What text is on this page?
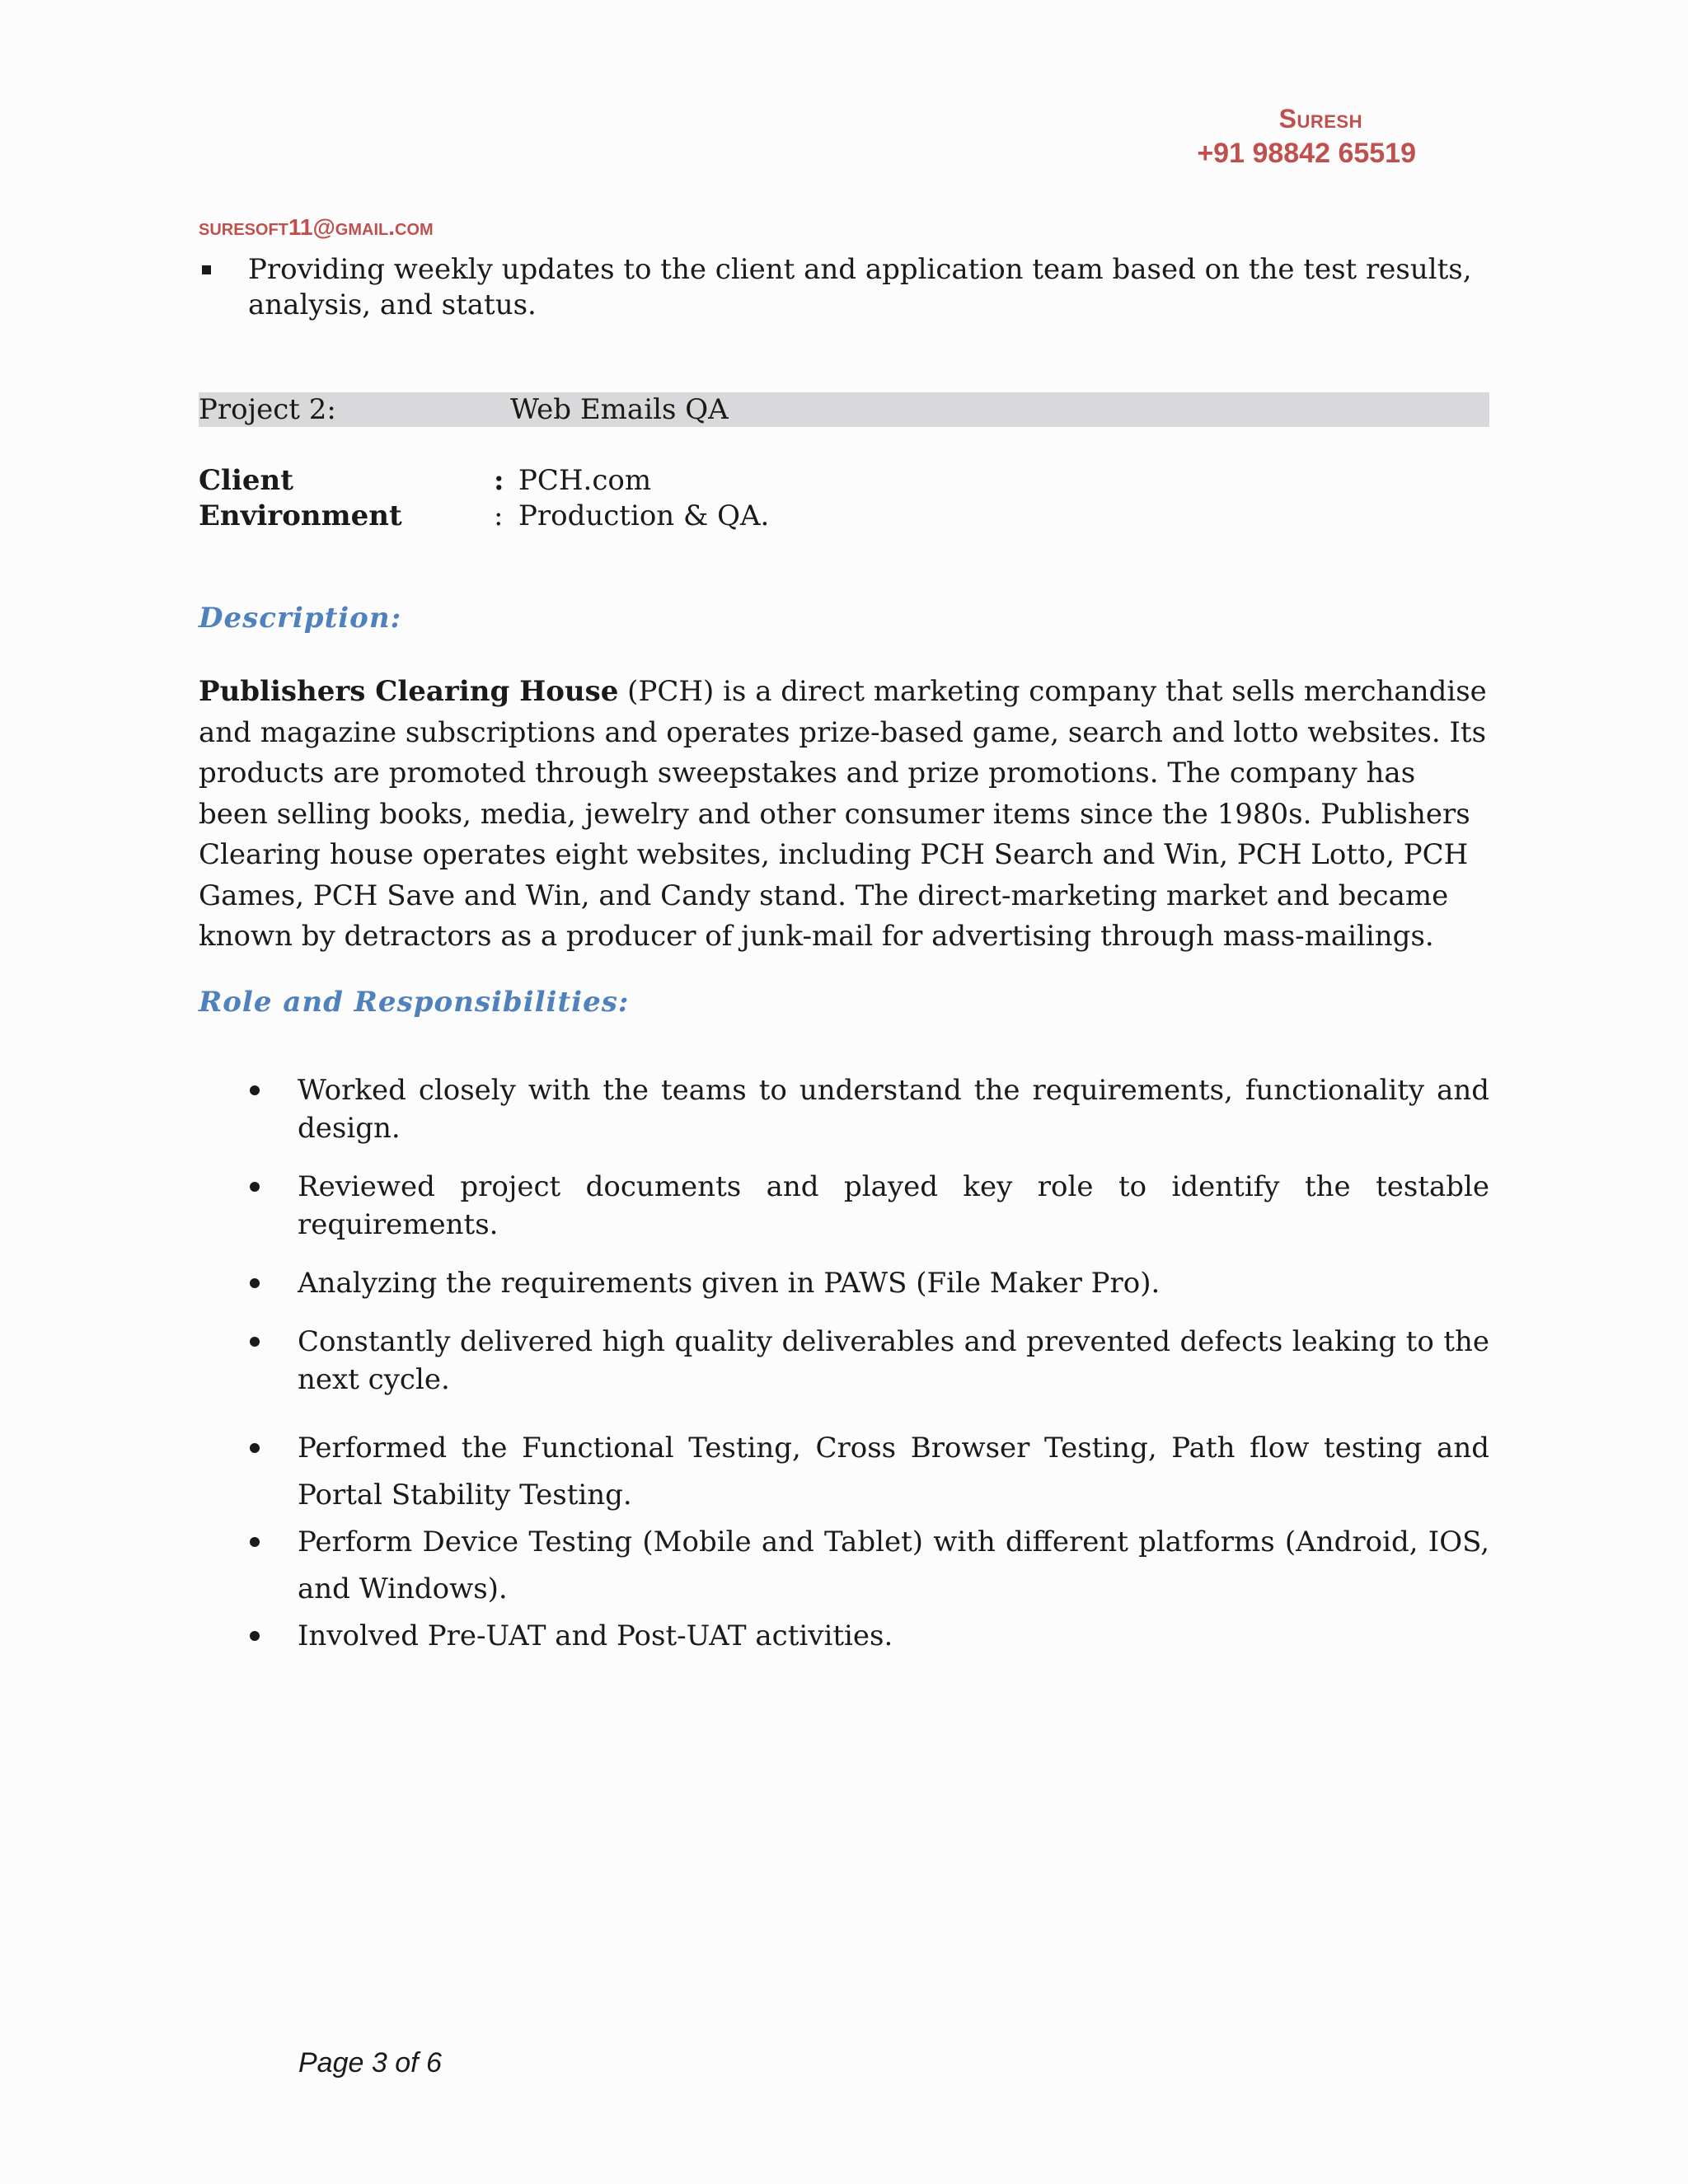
Suresh
+91 98842 65519
suresoft11@gmail.com
Providing weekly updates to the client and application team based on the test results, analysis, and status.
Project 2:	Web Emails QA
Client	: PCH.com
Environment	: Production & QA.
Description:
Publishers Clearing House (PCH) is a direct marketing company that sells merchandise and magazine subscriptions and operates prize-based game, search and lotto websites. Its products are promoted through sweepstakes and prize promotions. The company has been selling books, media, jewelry and other consumer items since the 1980s. Publishers Clearing house operates eight websites, including PCH Search and Win, PCH Lotto, PCH Games, PCH Save and Win, and Candy stand. The direct-marketing market and became known by detractors as a producer of junk-mail for advertising through mass-mailings.
Role and Responsibilities:
Worked closely with the teams to understand the requirements, functionality and design.
Reviewed project documents and played key role to identify the testable requirements.
Analyzing the requirements given in PAWS (File Maker Pro).
Constantly delivered high quality deliverables and prevented defects leaking to the next cycle.
Performed the Functional Testing, Cross Browser Testing, Path flow testing and Portal Stability Testing.
Perform Device Testing (Mobile and Tablet) with different platforms (Android, IOS, and Windows).
Involved Pre-UAT and Post-UAT activities.
Page 3 of 6
